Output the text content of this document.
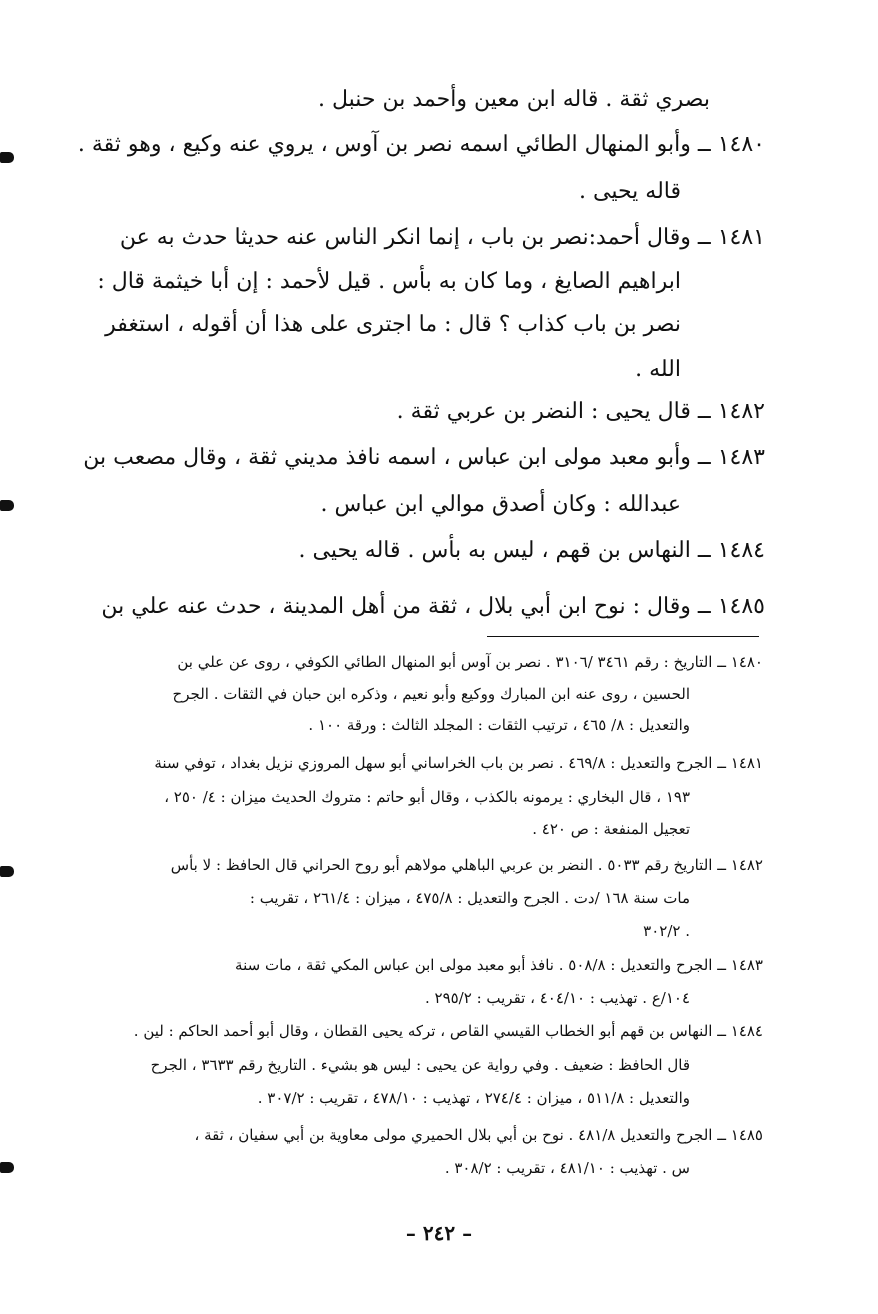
بصري ثقة . قاله ابن معين وأحمد بن حنبل .
١٤٨٠ ــ وأبو المنهال الطائي اسمه نصر بن آوس ، يروي عنه وكيع ، وهو ثقة .
قاله يحيى .
١٤٨١ ــ وقال أحمد:نصر بن باب ، إنما انكر الناس عنه حديثا حدث به عن
ابراهيم الصايغ ، وما كان به بأس . قيل لأحمد : إن أبا خيثمة قال :
نصر بن باب كذاب ؟ قال : ما اجترى على هذا أن أقوله ، استغفر
الله .
١٤٨٢ ــ قال يحيى : النضر بن عربي ثقة .
١٤٨٣ ــ وأبو معبد مولى ابن عباس ، اسمه نافذ مديني ثقة ، وقال مصعب بن
عبدالله : وكان أصدق موالي ابن عباس .
١٤٨٤ ــ النهاس بن قهم ، ليس به بأس . قاله يحيى .
١٤٨٥ ــ وقال : نوح ابن أبي بلال ، ثقة من أهل المدينة ، حدث عنه علي بن
١٤٨٠ ــ التاريخ : رقم ٣٤٦١ /٣١٠٦ . نصر بن آوس أبو المنهال الطائي الكوفي ، روى عن علي بن
الحسين ، روى عنه ابن المبارك ووكيع وأبو نعيم ، وذكره ابن حبان في الثقات . الجرح
والتعديل : ٨/ ٤٦٥ ، ترتيب الثقات : المجلد الثالث : ورقة ١٠٠ .
١٤٨١ ــ الجرح والتعديل : ٤٦٩/٨ . نصر بن باب الخراساني أبو سهل المروزي نزيل بغداد ، توفي سنة
١٩٣ ، قال البخاري : يرمونه بالكذب ، وقال أبو حاتم : متروك الحديث ميزان : ٤/ ٢٥٠ ،
تعجيل المنفعة : ص ٤٢٠ .
١٤٨٢ ــ التاريخ رقم ٥٠٣٣ . النضر بن عربي الباهلي مولاهم أبو روح الحراني قال الحافظ : لا بأس
مات سنة ١٦٨ /دت . الجرح والتعديل : ٤٧٥/٨ ، ميزان : ٢٦١/٤ ، تقريب :
٣٠٢/٢ .
١٤٨٣ ــ الجرح والتعديل : ٥٠٨/٨ . نافذ أبو معبد مولى ابن عباس المكي ثقة ، مات سنة
١٠٤/ع . تهذيب : ٤٠٤/١٠ ، تقريب : ٢٩٥/٢ .
١٤٨٤ ــ النهاس بن قهم أبو الخطاب القيسي القاص ، تركه يحيى القطان ، وقال أبو أحمد الحاكم : لين .
قال الحافظ : ضعيف . وفي رواية عن يحيى : ليس هو بشيء . التاريخ رقم ٣٦٣٣ ، الجرح
والتعديل : ٥١١/٨ ، ميزان : ٢٧٤/٤ ، تهذيب : ٤٧٨/١٠ ، تقريب : ٣٠٧/٢ .
١٤٨٥ ــ الجرح والتعديل ٤٨١/٨ . نوح بن أبي بلال الحميري مولى معاوية بن أبي سفيان ، ثقة ،
س . تهذيب : ٤٨١/١٠ ، تقريب : ٣٠٨/٢ .
– ٢٤٢ –
